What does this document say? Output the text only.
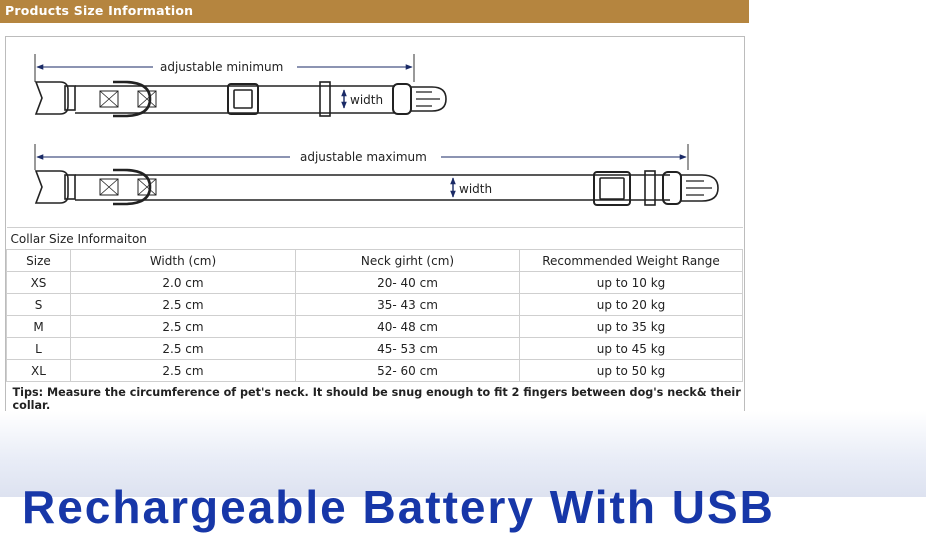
Products Size Information
adjustable minimum
width
adjustable maximum
width
Collar Size Informaiton			
Size	Width (cm)	Neck girht (cm)	Recommended Weight Range
XS	2.0 cm	20- 40 cm	up to 10 kg
S	2.5 cm	35- 43 cm	up to 20 kg
M	2.5 cm	40- 48 cm	up to 35 kg
L	2.5 cm	45- 53 cm	up to 45 kg
XL	2.5 cm	52- 60 cm	up to 50 kg
Tips: Measure the circumference of pet's neck. It should be snug enough to fit 2 fingers between dog's neck& their collar.			
Rechargeable Battery With USB
